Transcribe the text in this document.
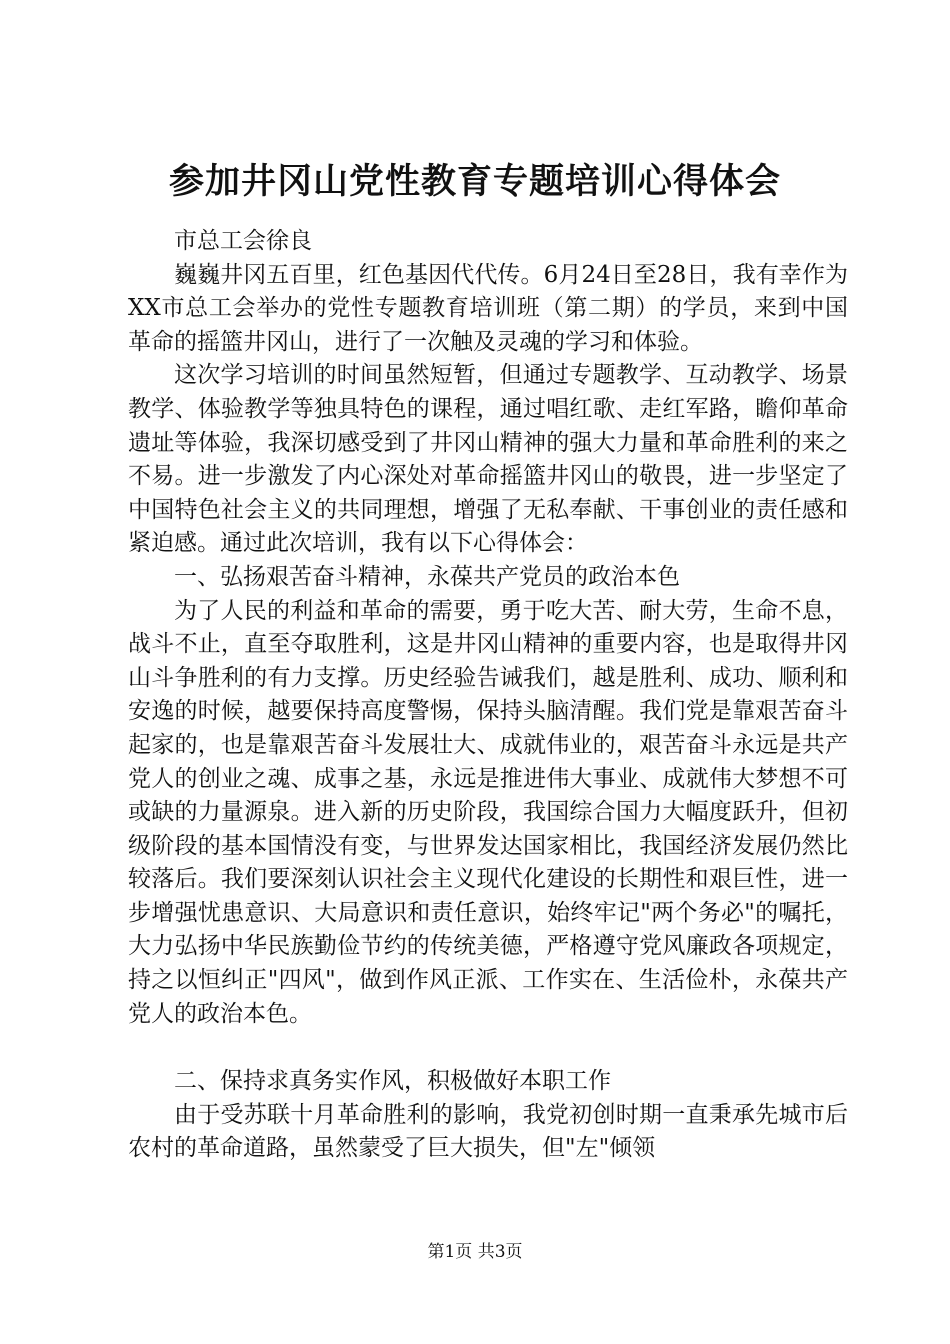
参加井冈山党性教育专题培训心得体会

市总工会徐良

巍巍井冈五百里，红色基因代代传。6月24日至28日，我有幸作为XX市总工会举办的党性专题教育培训班（第二期）的学员，来到中国革命的摇篮井冈山，进行了一次触及灵魂的学习和体验。

这次学习培训的时间虽然短暂，但通过专题教学、互动教学、场景教学、体验教学等独具特色的课程，通过唱红歌、走红军路，瞻仰革命遗址等体验，我深切感受到了井冈山精神的强大力量和革命胜利的来之不易。进一步激发了内心深处对革命摇篮井冈山的敬畏，进一步坚定了中国特色社会主义的共同理想，增强了无私奉献、干事创业的责任感和紧迫感。通过此次培训，我有以下心得体会：

一、弘扬艰苦奋斗精神，永葆共产党员的政治本色

为了人民的利益和革命的需要，勇于吃大苦、耐大劳，生命不息，战斗不止，直至夺取胜利，这是井冈山精神的重要内容，也是取得井冈山斗争胜利的有力支撑。历史经验告诫我们，越是胜利、成功、顺利和安逸的时候，越要保持高度警惕，保持头脑清醒。我们党是靠艰苦奋斗起家的，也是靠艰苦奋斗发展壮大、成就伟业的，艰苦奋斗永远是共产党人的创业之魂、成事之基，永远是推进伟大事业、成就伟大梦想不可或缺的力量源泉。进入新的历史阶段，我国综合国力大幅度跃升，但初级阶段的基本国情没有变，与世界发达国家相比，我国经济发展仍然比较落后。我们要深刻认识社会主义现代化建设的长期性和艰巨性，进一步增强忧患意识、大局意识和责任意识，始终牢记"两个务必"的嘱托，大力弘扬中华民族勤俭节约的传统美德，严格遵守党风廉政各项规定，持之以恒纠正"四风"，做到作风正派、工作实在、生活俭朴，永葆共产党人的政治本色。

二、保持求真务实作风，积极做好本职工作

由于受苏联十月革命胜利的影响，我党初创时期一直秉承先城市后农村的革命道路，虽然蒙受了巨大损失，但"左"倾领

第1页 共3页
